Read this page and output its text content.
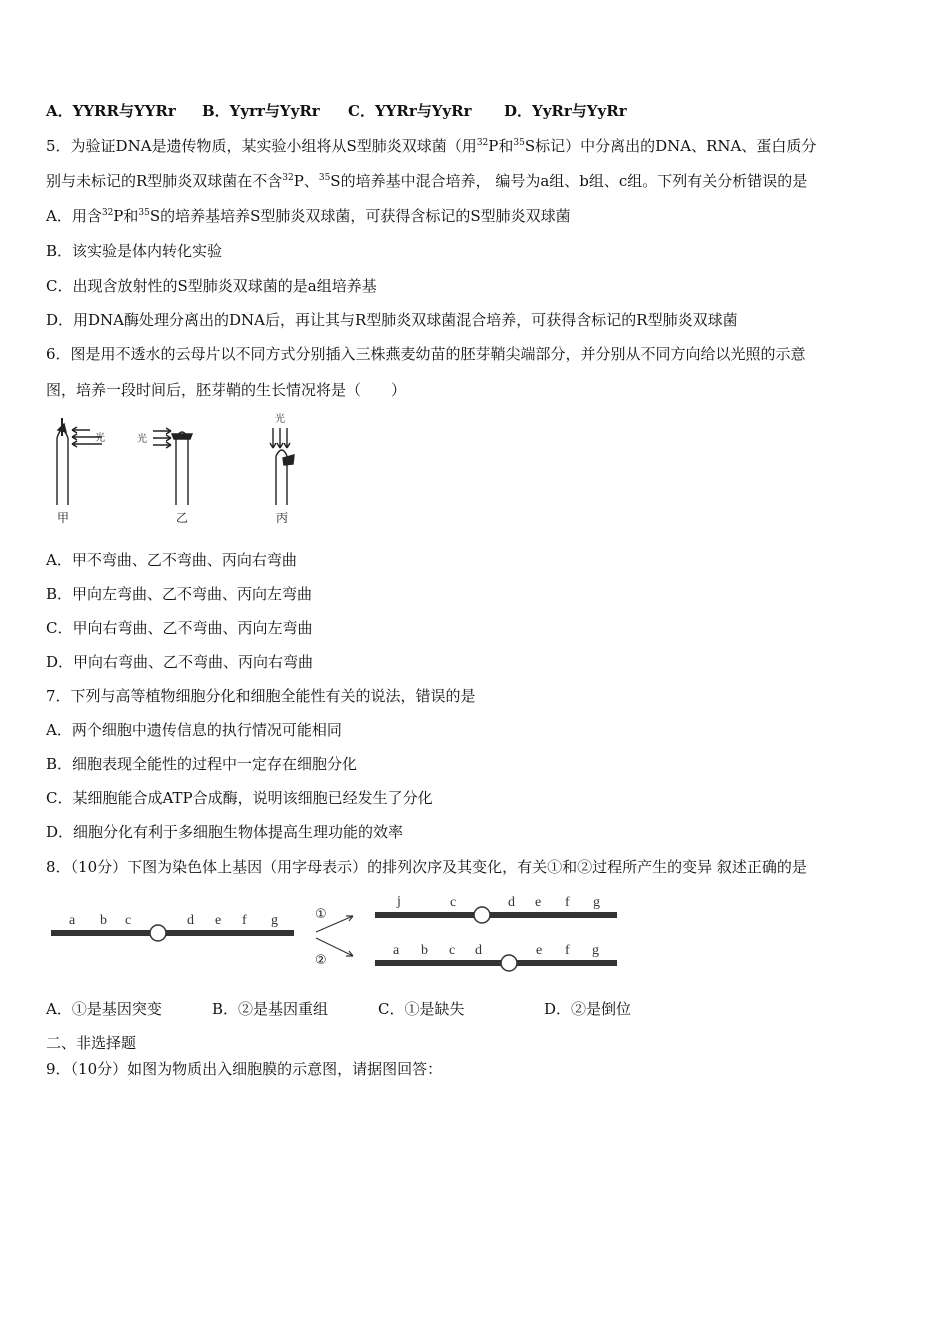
A．YYRR与YYRr B．Yyrr与YyRr C．YYRr与YyRr D．YyRr与YyRr
5．为验证DNA是遗传物质，某实验小组将从S型肺炎双球菌（用$^{32}$P和$^{35}$S标记）中分离出的DNA、RNA、蛋白质分
别与未标记的R型肺炎双球菌在不含$^{32}$P、$^{35}$S的培养基中混合培养， 编号为a组、b组、c组。下列有关分析错误的是
A．用含$^{32}$P和$^{35}$S的培养基培养S型肺炎双球菌，可获得含标记的S型肺炎双球菌
B．该实验是体内转化实验
C．出现含放射性的S型肺炎双球菌的是a组培养基
D．用DNA酶处理分离出的DNA后，再让其与R型肺炎双球菌混合培养，可获得含标记的R型肺炎双球菌
6．图是用不透水的云母片以不同方式分别插入三株燕麦幼苗的胚芽鞘尖端部分，并分别从不同方向给以光照的示意
图，培养一段时间后，胚芽鞘的生长情况将是（　　）
光	光
光
甲	乙	丙
A．甲不弯曲、乙不弯曲、丙向右弯曲
B．甲向左弯曲、乙不弯曲、丙向左弯曲
C．甲向右弯曲、乙不弯曲、丙向左弯曲
D．甲向右弯曲、乙不弯曲、丙向右弯曲
7．下列与高等植物细胞分化和细胞全能性有关的说法，错误的是
A．两个细胞中遗传信息的执行情况可能相同
B．细胞表现全能性的过程中一定存在细胞分化
C．某细胞能合成ATP合成酶，说明该细胞已经发生了分化
D．细胞分化有利于多细胞生物体提高生理功能的效率
8．（10分）下图为染色体上基因（用字母表示）的排列次序及其变化，有关①和②过程所产生的变异 叙述正确的是
①
②
a b c	d e f g
j	c	d e f g
a b c d	e f g
A．①是基因突变	B．②是基因重组	C．①是缺失	D．②是倒位
二、非选择题
9．（10分）如图为物质出入细胞膜的示意图，请据图回答：
